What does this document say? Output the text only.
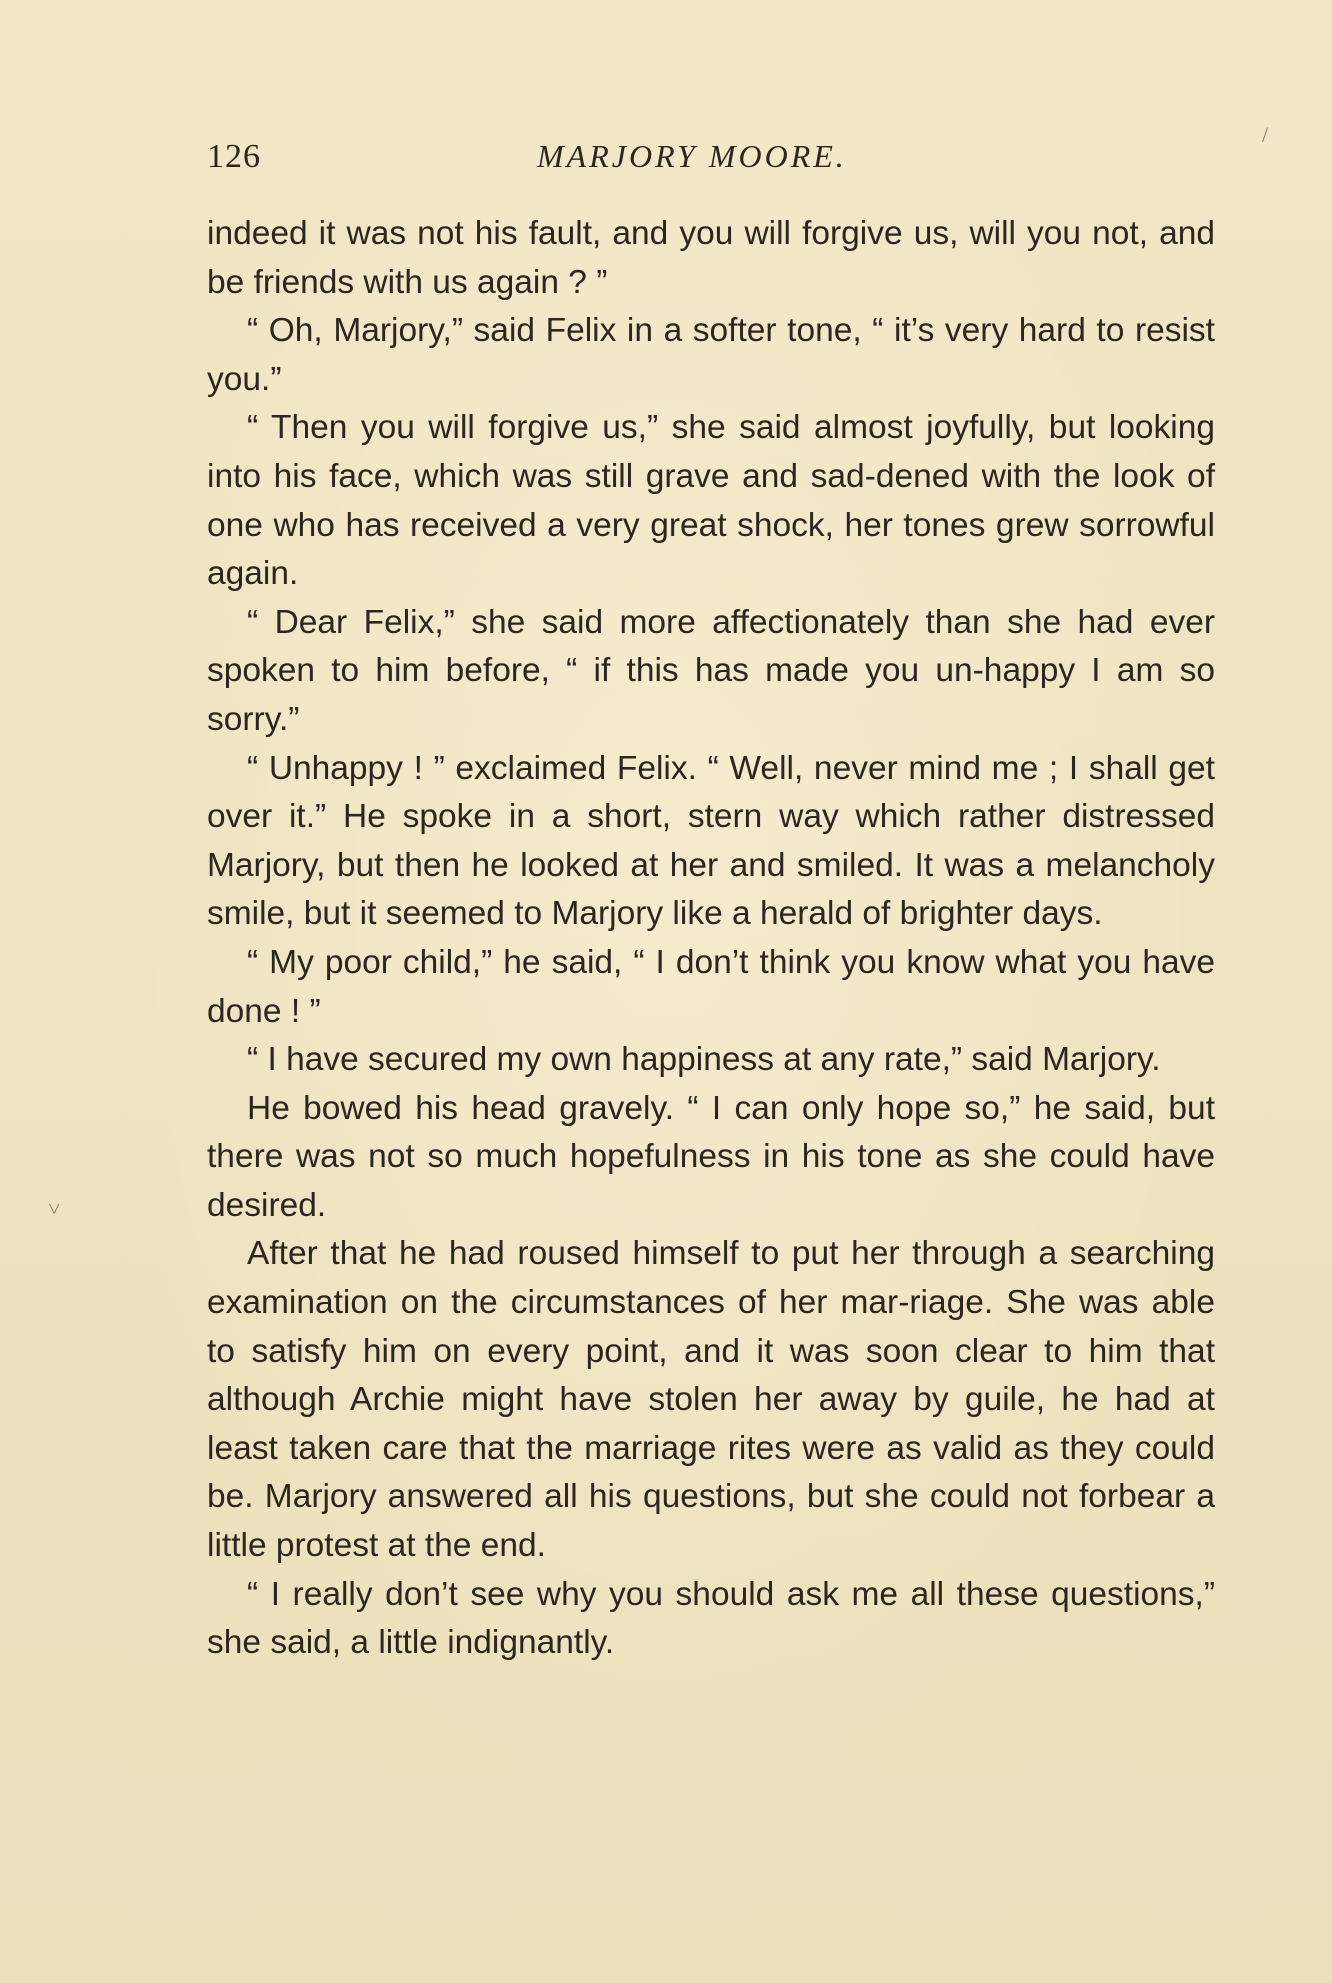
126	MARJORY MOORE.
/
˅

indeed it was not his fault, and you will forgive us, will you not, and be friends with us again ? ”

“ Oh, Marjory,” said Felix in a softer tone, “ it’s very hard to resist you.”

“ Then you will forgive us,” she said almost joyfully, but looking into his face, which was still grave and sad-dened with the look of one who has received a very great shock, her tones grew sorrowful again.

“ Dear Felix,” she said more affectionately than she had ever spoken to him before, “ if this has made you un-happy I am so sorry.”

“ Unhappy ! ” exclaimed Felix. “ Well, never mind me ; I shall get over it.” He spoke in a short, stern way which rather distressed Marjory, but then he looked at her and smiled. It was a melancholy smile, but it seemed to Marjory like a herald of brighter days.

“ My poor child,” he said, “ I don’t think you know what you have done ! ”

“ I have secured my own happiness at any rate,” said Marjory.

He bowed his head gravely. “ I can only hope so,” he said, but there was not so much hopefulness in his tone as she could have desired.

After that he had roused himself to put her through a searching examination on the circumstances of her mar-riage. She was able to satisfy him on every point, and it was soon clear to him that although Archie might have stolen her away by guile, he had at least taken care that the marriage rites were as valid as they could be. Marjory answered all his questions, but she could not forbear a little protest at the end.

“ I really don’t see why you should ask me all these questions,” she said, a little indignantly.
